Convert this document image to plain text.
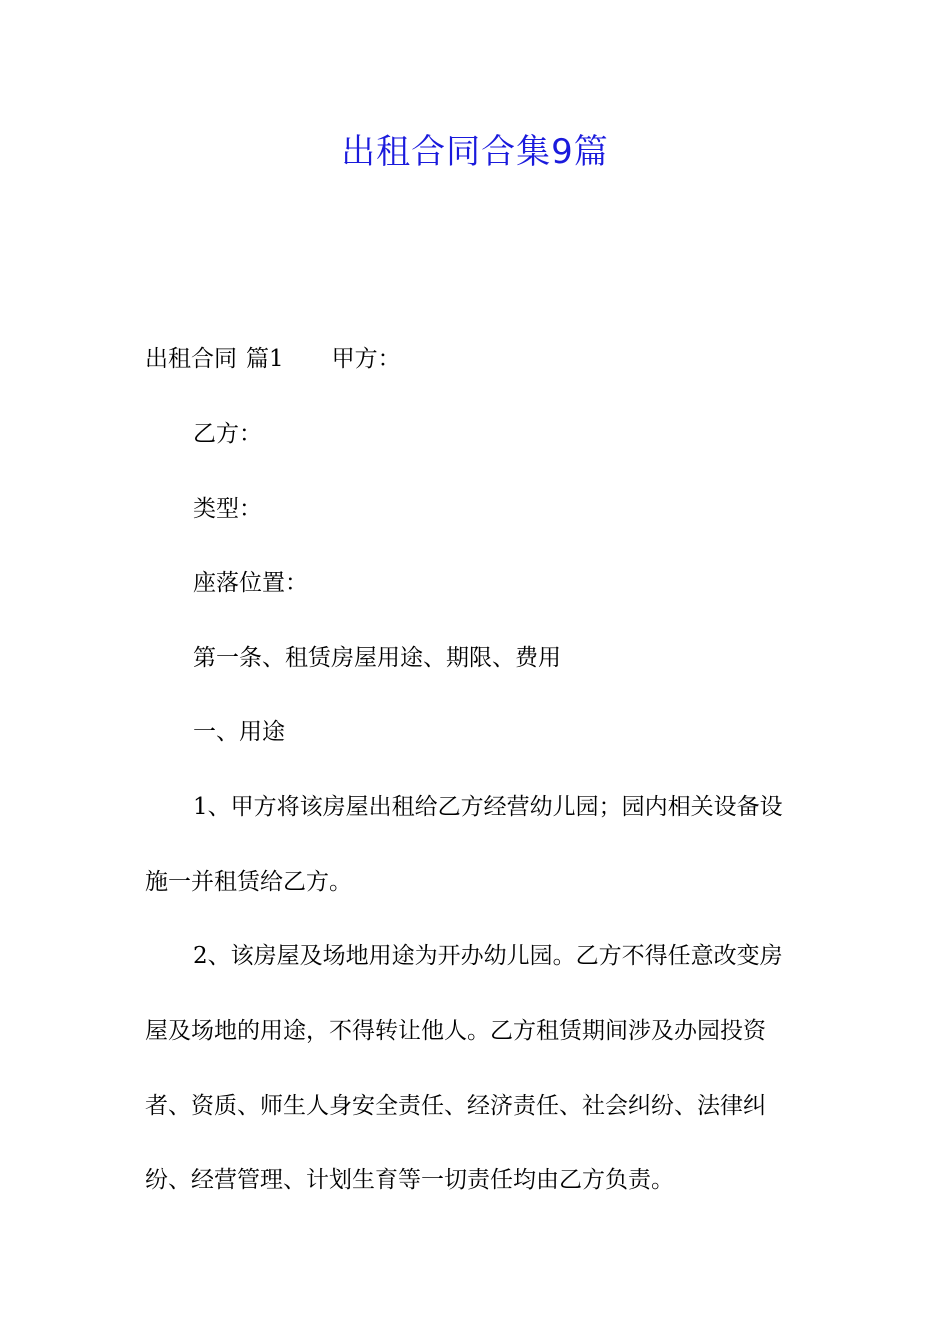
出租合同合集9篇
出租合同 篇1 甲方：
乙方：
类型：
座落位置：
第一条、租赁房屋用途、期限、费用
一、用途
1、甲方将该房屋出租给乙方经营幼儿园；园内相关设备设
施一并租赁给乙方。
2、该房屋及场地用途为开办幼儿园。乙方不得任意改变房
屋及场地的用途，不得转让他人。乙方租赁期间涉及办园投资
者、资质、师生人身安全责任、经济责任、社会纠纷、法律纠
纷、经营管理、计划生育等一切责任均由乙方负责。
